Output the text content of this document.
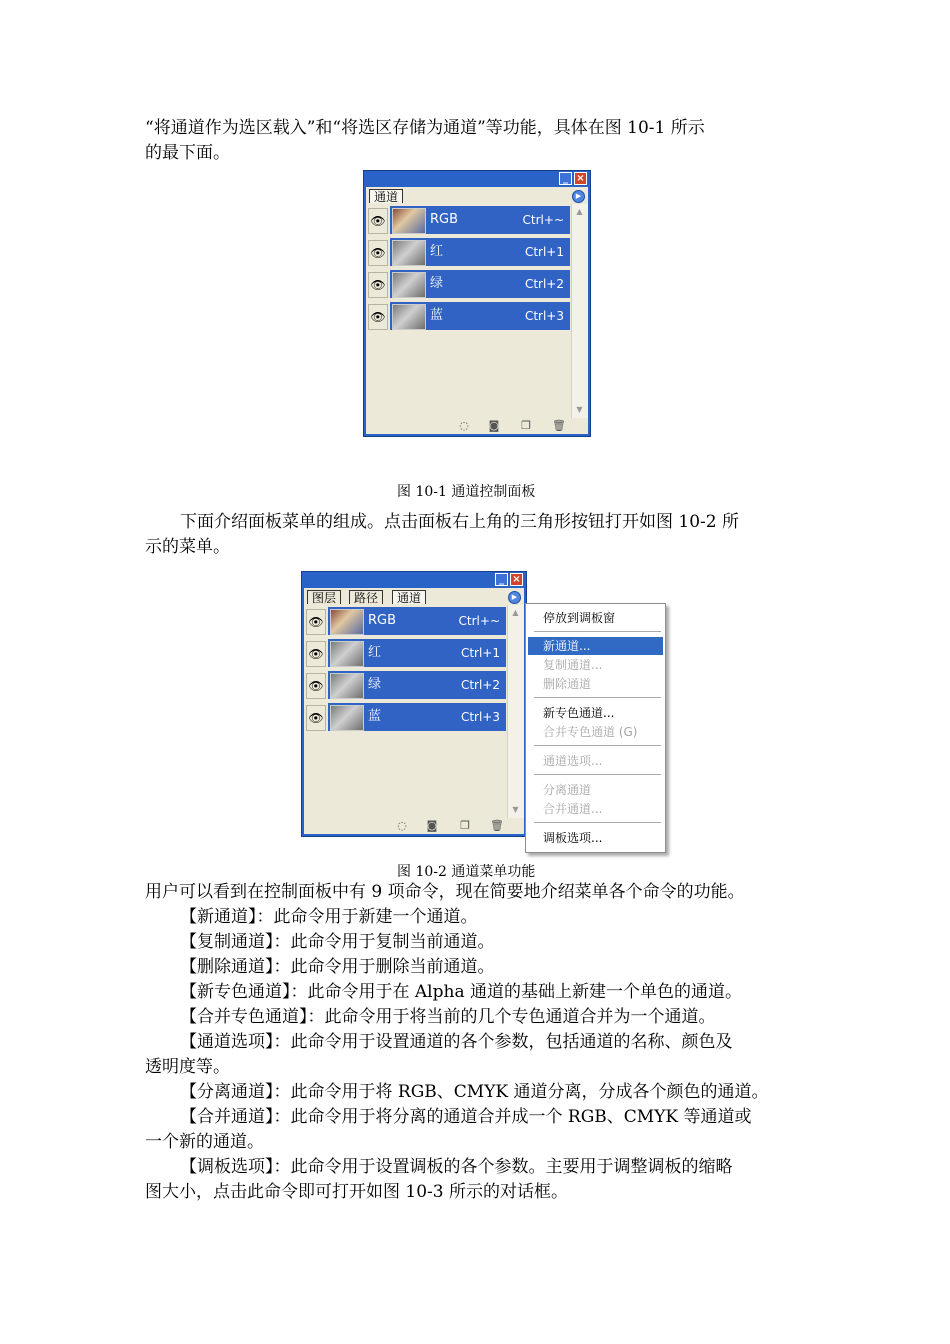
“将通道作为选区载入”和“将选区存储为通道”等功能，具体在图 10-1 所示
的最下面。
_ ×
通道	▶
👁	RGB	Ctrl+~
👁	红	Ctrl+1
👁	绿	Ctrl+2
👁	蓝	Ctrl+3
▲
▼
◌ ◙ ❐ 🗑
图 10-1 通道控制面板
下面介绍面板菜单的组成。点击面板右上角的三角形按钮打开如图 10-2 所
示的菜单。
_ ×
图层	路径	通道	▶
👁	RGB	Ctrl+~
👁	红	Ctrl+1
👁	绿	Ctrl+2
👁	蓝	Ctrl+3
▲
▼
◌ ◙ ❐ 🗑
停放到调板窗
新通道...
复制通道...
删除通道
新专色通道...
合并专色通道 (G)
通道选项...
分离通道
合并通道...
调板选项...
图 10-2 通道菜单功能
用户可以看到在控制面板中有 9 项命令，现在简要地介绍菜单各个命令的功能。
【新通道】：此命令用于新建一个通道。
【复制通道】：此命令用于复制当前通道。
【删除通道】：此命令用于删除当前通道。
【新专色通道】：此命令用于在 Alpha 通道的基础上新建一个单色的通道。
【合并专色通道】：此命令用于将当前的几个专色通道合并为一个通道。
【通道选项】：此命令用于设置通道的各个参数，包括通道的名称、颜色及
透明度等。
【分离通道】：此命令用于将 RGB、CMYK 通道分离，分成各个颜色的通道。
【合并通道】：此命令用于将分离的通道合并成一个 RGB、CMYK 等通道或
一个新的通道。
【调板选项】：此命令用于设置调板的各个参数。主要用于调整调板的缩略
图大小，点击此命令即可打开如图 10-3 所示的对话框。
